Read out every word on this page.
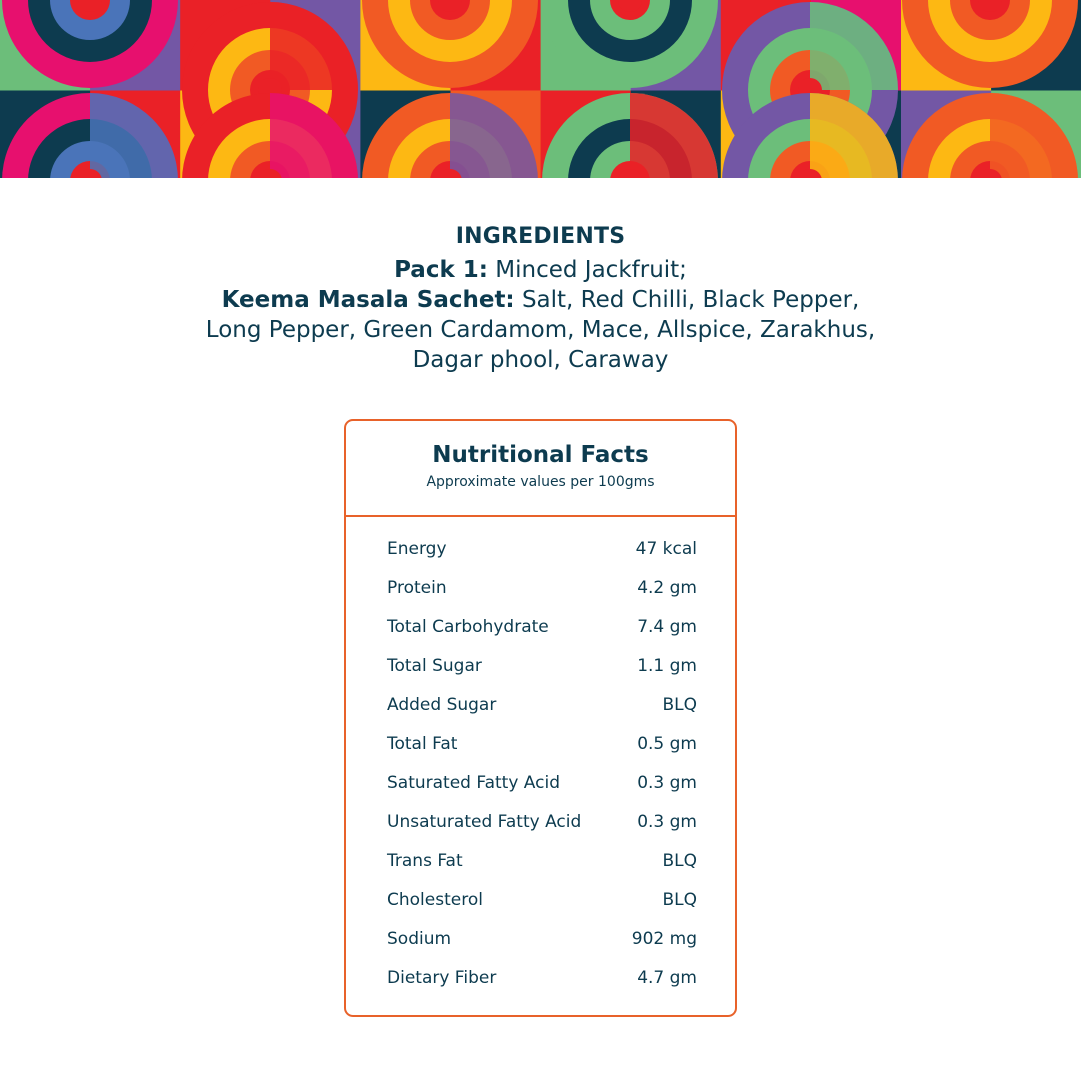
INGREDIENTS
Pack 1: Minced Jackfruit;
Keema Masala Sachet: Salt, Red Chilli, Black Pepper, Long Pepper, Green Cardamom, Mace, Allspice, Zarakhus, Dagar phool, Caraway
Nutritional Facts
Approximate values per 100gms
Energy	47 kcal
Protein	4.2 gm
Total Carbohydrate	7.4 gm
Total Sugar	1.1 gm
Added Sugar	BLQ
Total Fat	0.5 gm
Saturated Fatty Acid	0.3 gm
Unsaturated Fatty Acid	0.3 gm
Trans Fat	BLQ
Cholesterol	BLQ
Sodium	902 mg
Dietary Fiber	4.7 gm
